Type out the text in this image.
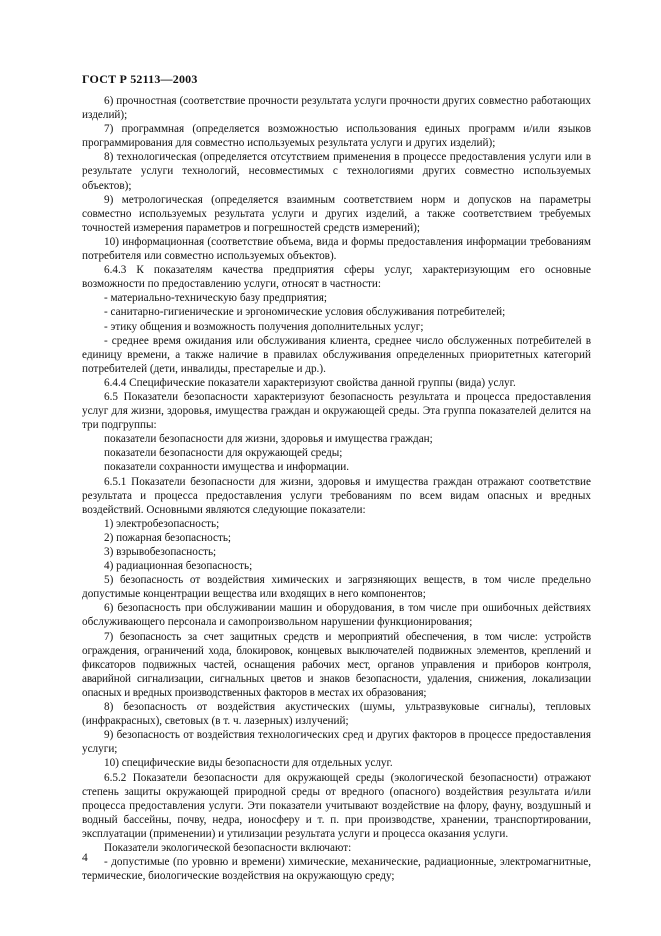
ГОСТ Р 52113—2003

6) прочностная (соответствие прочности результата услуги прочности других совместно работающих изделий);

7) программная (определяется возможностью использования единых программ и/или языков программирования для совместно используемых результата услуги и других изделий);

8) технологическая (определяется отсутствием применения в процессе предоставления услуги или в результате услуги технологий, несовместимых с технологиями других совместно используемых объектов);

9) метрологическая (определяется взаимным соответствием норм и допусков на параметры совместно используемых результата услуги и других изделий, а также соответствием требуемых точностей измерения параметров и погрешностей средств измерений);

10) информационная (соответствие объема, вида и формы предоставления информации требованиям потребителя или совместно используемых объектов).

6.4.3 К показателям качества предприятия сферы услуг, характеризующим его основные возможности по предоставлению услуги, относят в частности:

- материально-техническую базу предприятия;

- санитарно-гигиенические и эргономические условия обслуживания потребителей;

- этику общения и возможность получения дополнительных услуг;

- среднее время ожидания или обслуживания клиента, среднее число обслуженных потребителей в единицу времени, а также наличие в правилах обслуживания определенных приоритетных категорий потребителей (дети, инвалиды, престарелые и др.).

6.4.4 Специфические показатели характеризуют свойства данной группы (вида) услуг.

6.5 Показатели безопасности характеризуют безопасность результата и процесса предоставления услуг для жизни, здоровья, имущества граждан и окружающей среды. Эта группа показателей делится на три подгруппы:

показатели безопасности для жизни, здоровья и имущества граждан;

показатели безопасности для окружающей среды;

показатели сохранности имущества и информации.

6.5.1 Показатели безопасности для жизни, здоровья и имущества граждан отражают соответствие результата и процесса предоставления услуги требованиям по всем видам опасных и вредных воздействий. Основными являются следующие показатели:

1) электробезопасность;

2) пожарная безопасность;

3) взрывобезопасность;

4) радиационная безопасность;

5) безопасность от воздействия химических и загрязняющих веществ, в том числе предельно допустимые концентрации вещества или входящих в него компонентов;

6) безопасность при обслуживании машин и оборудования, в том числе при ошибочных действиях обслуживающего персонала и самопроизвольном нарушении функционирования;

7) безопасность за счет защитных средств и мероприятий обеспечения, в том числе: устройств ограждения, ограничений хода, блокировок, концевых выключателей подвижных элементов, креплений и фиксаторов подвижных частей, оснащения рабочих мест, органов управления и приборов контроля, аварийной сигнализации, сигнальных цветов и знаков безопасности, удаления, снижения, локализации опасных и вредных производственных факторов в местах их образования;

8) безопасность от воздействия акустических (шумы, ультразвуковые сигналы), тепловых (инфракрасных), световых (в т. ч. лазерных) излучений;

9) безопасность от воздействия технологических сред и других факторов в процессе предоставления услуги;

10) специфические виды безопасности для отдельных услуг.

6.5.2 Показатели безопасности для окружающей среды (экологической безопасности) отражают степень защиты окружающей природной среды от вредного (опасного) воздействия результата и/или процесса предоставления услуги. Эти показатели учитывают воздействие на флору, фауну, воздушный и водный бассейны, почву, недра, ионосферу и т. п. при производстве, хранении, транспортировании, эксплуатации (применении) и утилизации результата услуги и процесса оказания услуги.

Показатели экологической безопасности включают:

- допустимые (по уровню и времени) химические, механические, радиационные, электромагнитные, термические, биологические воздействия на окружающую среду;

4
